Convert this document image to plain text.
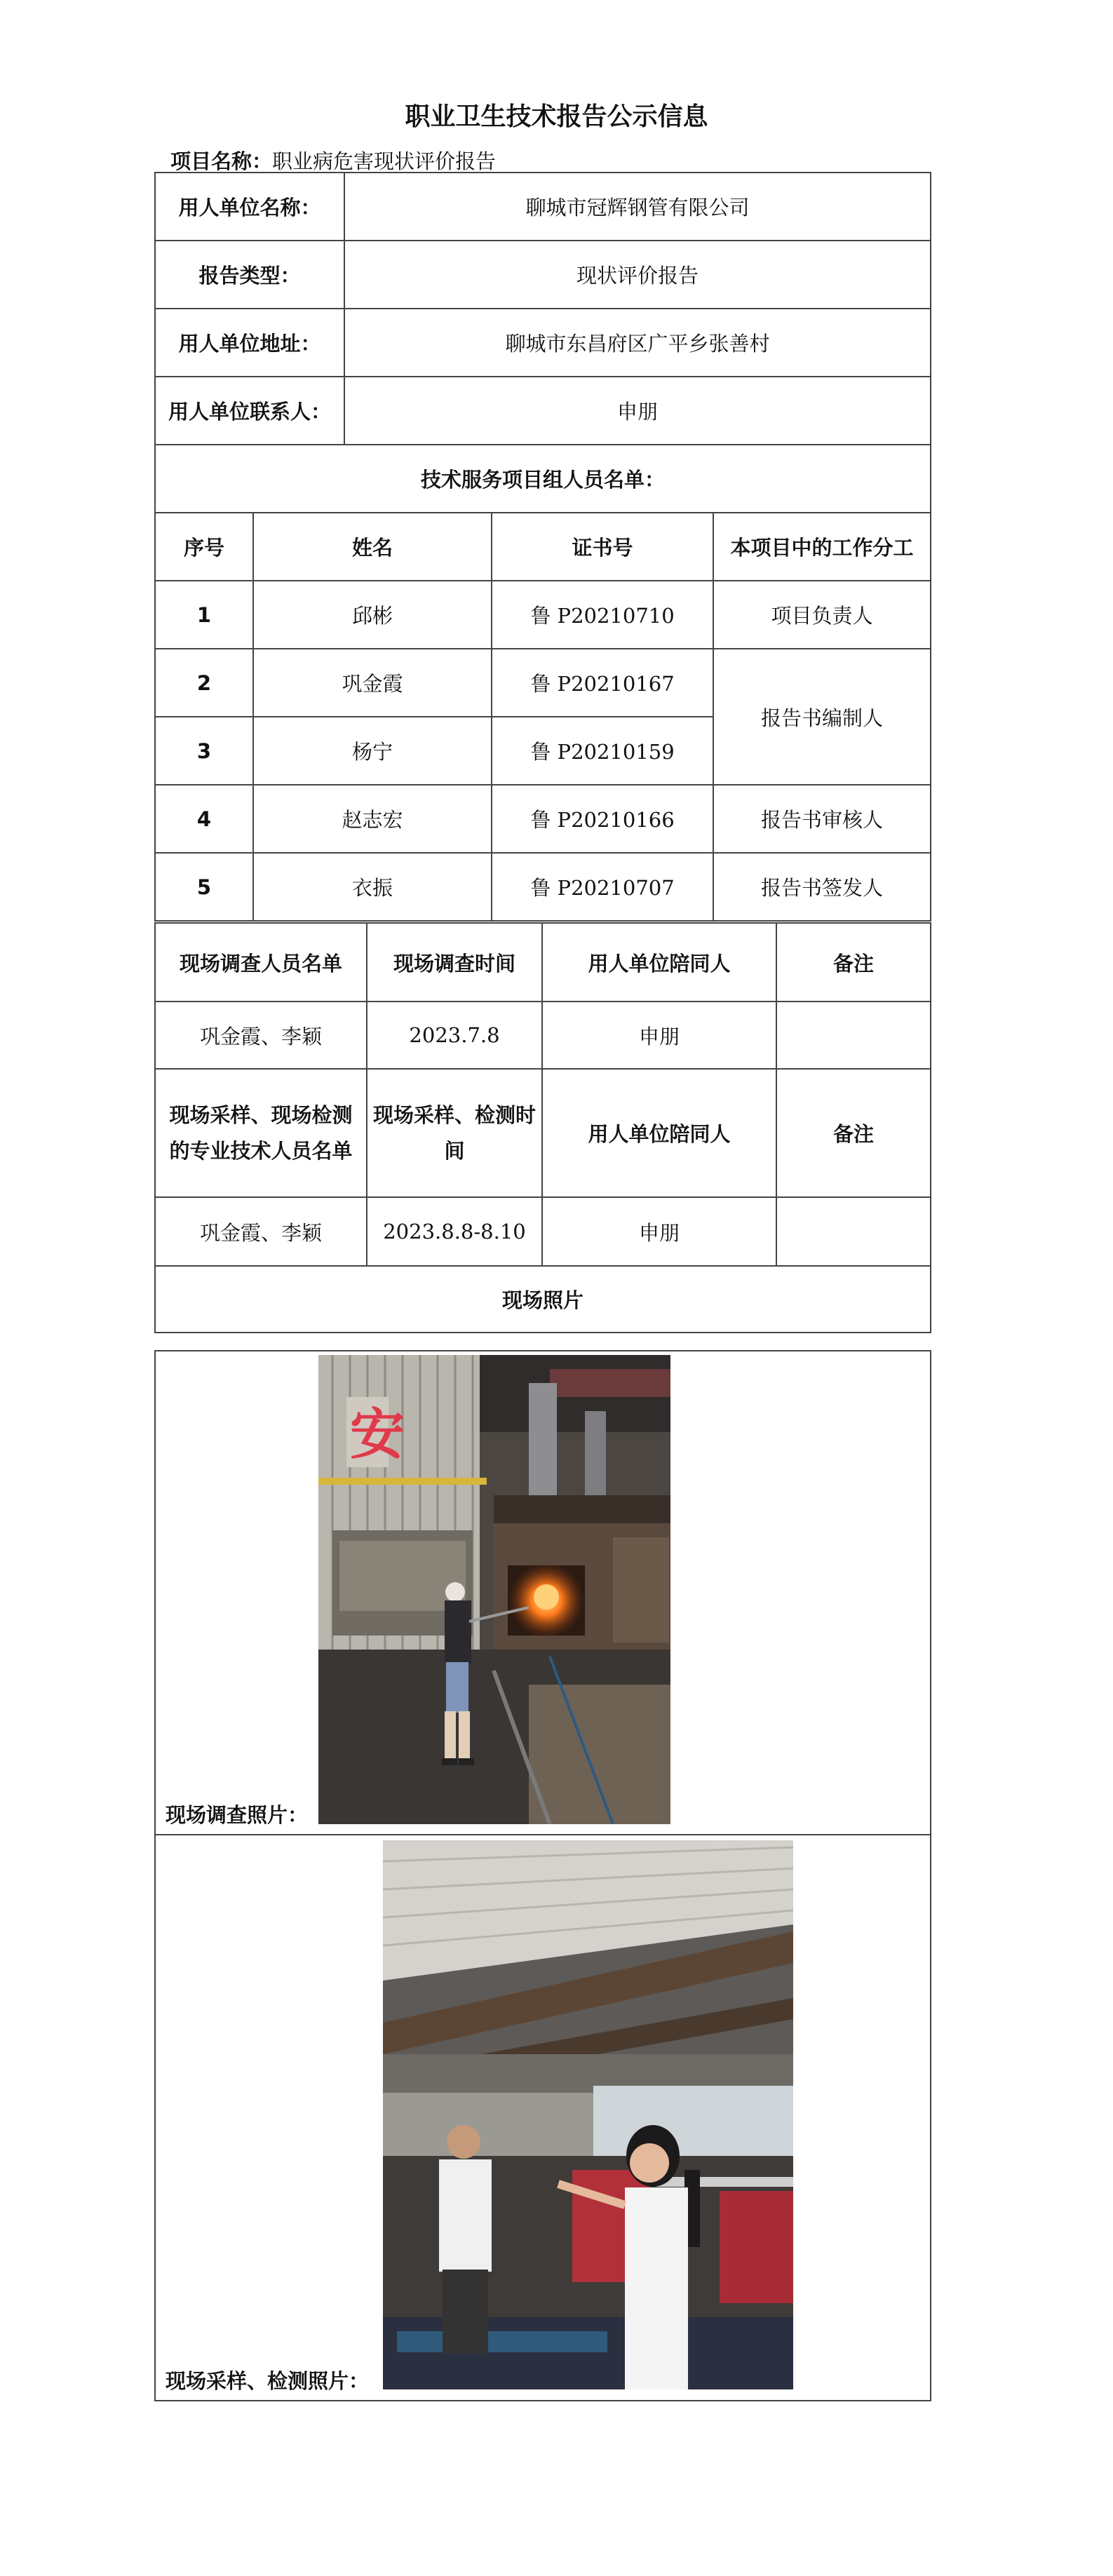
职业卫生技术报告公示信息
项目名称：职业病危害现状评价报告
用人单位名称：		聊城市冠辉钢管有限公司		
报告类型：		现状评价报告		
用人单位地址：		聊城市东昌府区广平乡张善村		
用人单位联系人：		申朋		
技术服务项目组人员名单：				
序号	姓名		证书号	本项目中的工作分工
1	邱彬		鲁 P20210710	项目负责人
2	巩金霞		鲁 P20210167	报告书编制人
3	杨宁		鲁 P20210159	
4	赵志宏		鲁 P20210166	报告书审核人
5	衣振		鲁 P20210707	报告书签发人
现场调查人员名单	现场调查时间	用人单位陪同人	备注
巩金霞、李颖	2023.7.8	申朋	
现场采样、现场检测的专业技术人员名单	现场采样、检测时间	用人单位陪同人	备注
巩金霞、李颖	2023.8.8-8.10	申朋	
现场照片			
安
现场调查照片：

现场采样、检测照片：
